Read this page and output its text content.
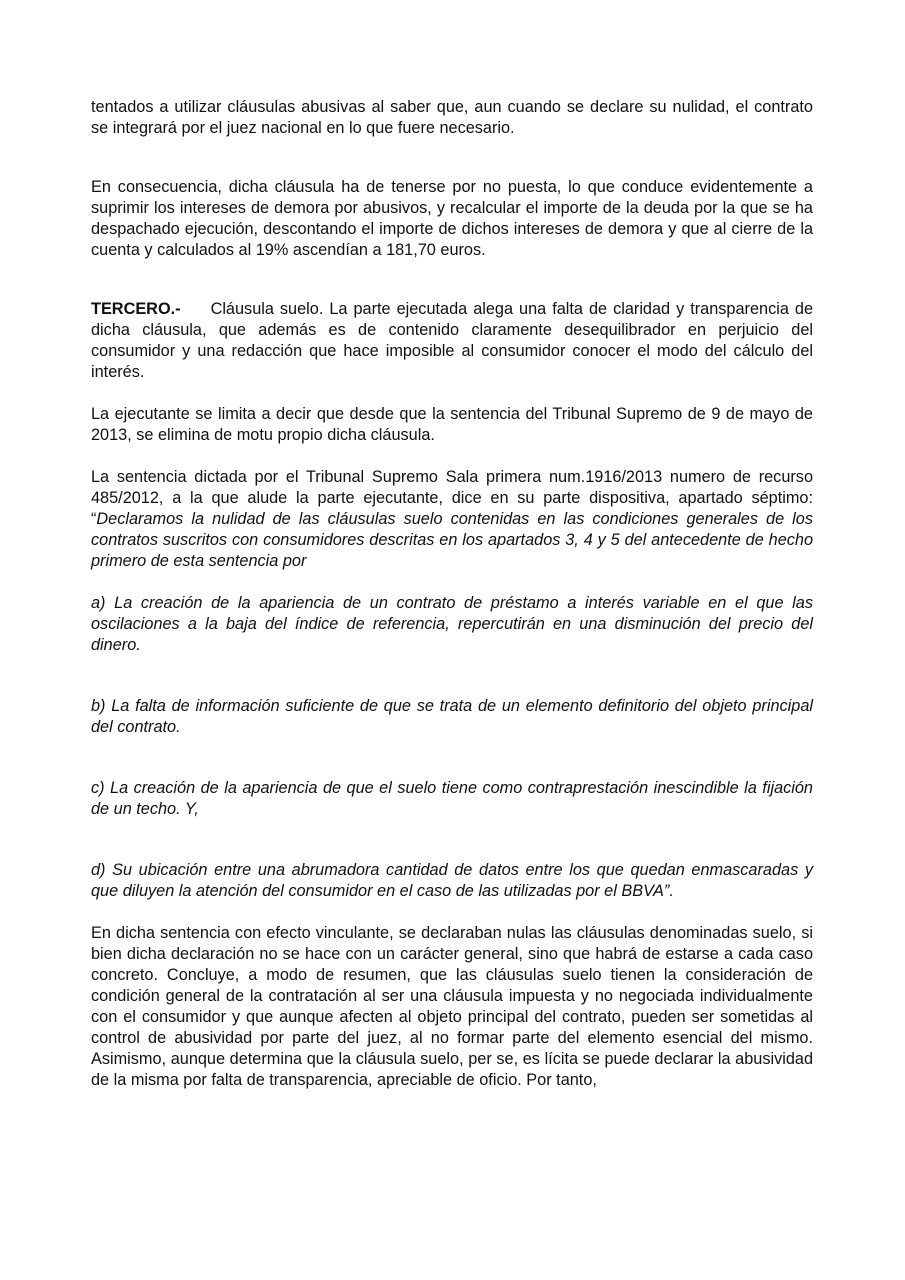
tentados a utilizar cláusulas abusivas al saber que, aun cuando se declare su nulidad, el contrato se integrará por el juez nacional en lo que fuere necesario.

En consecuencia, dicha cláusula ha de tenerse por no puesta, lo que conduce evidentemente a suprimir los intereses de demora por abusivos, y recalcular el importe de la deuda por la que se ha despachado ejecución, descontando el importe de dichos intereses de demora y que al cierre de la cuenta y calculados al 19% ascendían a 181,70 euros.

TERCERO.- Cláusula suelo. La parte ejecutada alega una falta de claridad y transparencia de dicha cláusula, que además es de contenido claramente desequilibrador en perjuicio del consumidor y una redacción que hace imposible al consumidor conocer el modo del cálculo del interés.

La ejecutante se limita a decir que desde que la sentencia del Tribunal Supremo de 9 de mayo de 2013, se elimina de motu propio dicha cláusula.

La sentencia dictada por el Tribunal Supremo Sala primera num.1916/2013 numero de recurso 485/2012, a la que alude la parte ejecutante, dice en su parte dispositiva, apartado séptimo: “Declaramos la nulidad de las cláusulas suelo contenidas en las condiciones generales de los contratos suscritos con consumidores descritas en los apartados 3, 4 y 5 del antecedente de hecho primero de esta sentencia por

a) La creación de la apariencia de un contrato de préstamo a interés variable en el que las oscilaciones a la baja del índice de referencia, repercutirán en una disminución del precio del dinero.

b) La falta de información suficiente de que se trata de un elemento definitorio del objeto principal del contrato.

c) La creación de la apariencia de que el suelo tiene como contraprestación inescindible la fijación de un techo. Y,

d) Su ubicación entre una abrumadora cantidad de datos entre los que quedan enmascaradas y que diluyen la atención del consumidor en el caso de las utilizadas por el BBVA”.

En dicha sentencia con efecto vinculante, se declaraban nulas las cláusulas denominadas suelo, si bien dicha declaración no se hace con un carácter general, sino que habrá de estarse a cada caso concreto. Concluye, a modo de resumen, que las cláusulas suelo tienen la consideración de condición general de la contratación al ser una cláusula impuesta y no negociada individualmente con el consumidor y que aunque afecten al objeto principal del contrato, pueden ser sometidas al control de abusividad por parte del juez, al no formar parte del elemento esencial del mismo. Asimismo, aunque determina que la cláusula suelo, per se, es lícita se puede declarar la abusividad de la misma por falta de transparencia, apreciable de oficio. Por tanto,
